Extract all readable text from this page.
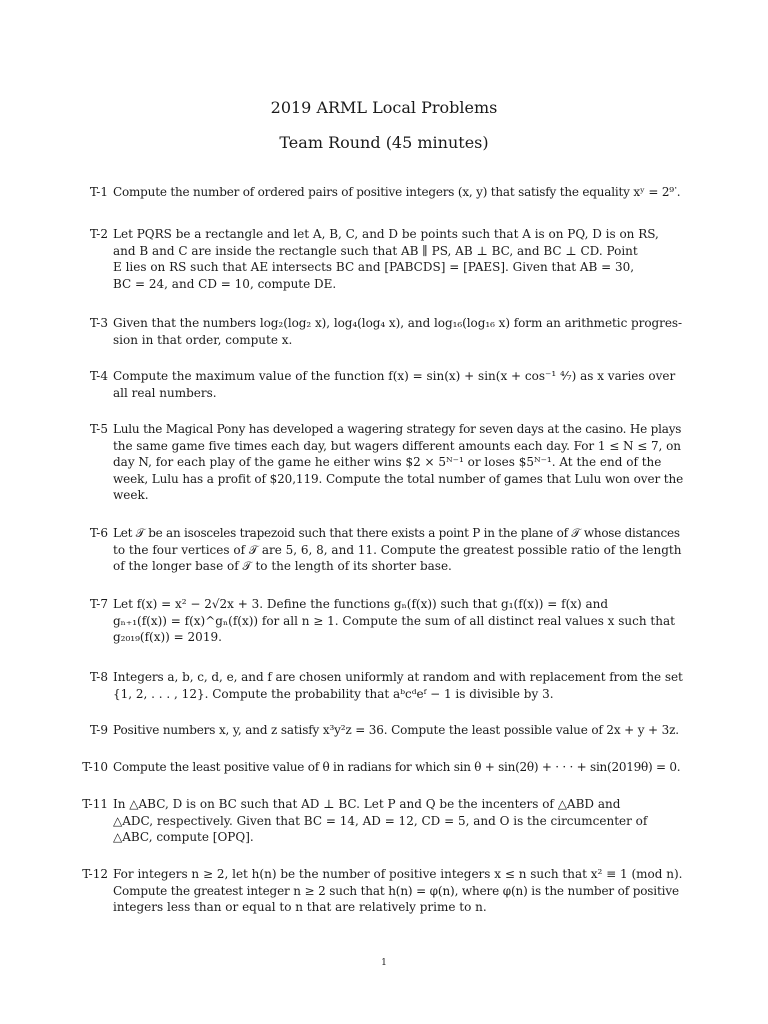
2019 ARML Local Problems
Team Round (45 minutes)
T-1 Compute the number of ordered pairs of positive integers (x, y) that satisfy the equality xʸ = 2⁹ᐝ.
T-2 Let PQRS be a rectangle and let A, B, C, and D be points such that A is on PQ, D is on RS,
and B and C are inside the rectangle such that AB ∥ PS, AB ⊥ BC, and BC ⊥ CD. Point
E lies on RS such that AE intersects BC and [PABCDS] = [PAES]. Given that AB = 30,
BC = 24, and CD = 10, compute DE.
T-3 Given that the numbers log₂(log₂ x), log₄(log₄ x), and log₁₆(log₁₆ x) form an arithmetic progres-
sion in that order, compute x.
T-4 Compute the maximum value of the function f(x) = sin(x) + sin(x + cos⁻¹ ⁴⁄₇) as x varies over
all real numbers.
T-5 Lulu the Magical Pony has developed a wagering strategy for seven days at the casino. He plays
the same game five times each day, but wagers different amounts each day. For 1 ≤ N ≤ 7, on
day N, for each play of the game he either wins $2 × 5ᴺ⁻¹ or loses $5ᴺ⁻¹. At the end of the
week, Lulu has a profit of $20,119. Compute the total number of games that Lulu won over the
week.
T-6 Let 𝒯 be an isosceles trapezoid such that there exists a point P in the plane of 𝒯 whose distances
to the four vertices of 𝒯 are 5, 6, 8, and 11. Compute the greatest possible ratio of the length
of the longer base of 𝒯 to the length of its shorter base.
T-7 Let f(x) = x² − 2√2x + 3. Define the functions gₙ(f(x)) such that g₁(f(x)) = f(x) and
gₙ₊₁(f(x)) = f(x)^gₙ(f(x)) for all n ≥ 1. Compute the sum of all distinct real values x such that
g₂₀₁₉(f(x)) = 2019.
T-8 Integers a, b, c, d, e, and f are chosen uniformly at random and with replacement from the set
{1, 2, . . . , 12}. Compute the probability that aᵇcᵈeᶠ − 1 is divisible by 3.
T-9 Positive numbers x, y, and z satisfy x³y²z = 36. Compute the least possible value of 2x + y + 3z.
T-10 Compute the least positive value of θ in radians for which sin θ + sin(2θ) + · · · + sin(2019θ) = 0.
T-11 In △ABC, D is on BC such that AD ⊥ BC. Let P and Q be the incenters of △ABD and
△ADC, respectively. Given that BC = 14, AD = 12, CD = 5, and O is the circumcenter of
△ABC, compute [OPQ].
T-12 For integers n ≥ 2, let h(n) be the number of positive integers x ≤ n such that x² ≡ 1 (mod n).
Compute the greatest integer n ≥ 2 such that h(n) = φ(n), where φ(n) is the number of positive
integers less than or equal to n that are relatively prime to n.
1
